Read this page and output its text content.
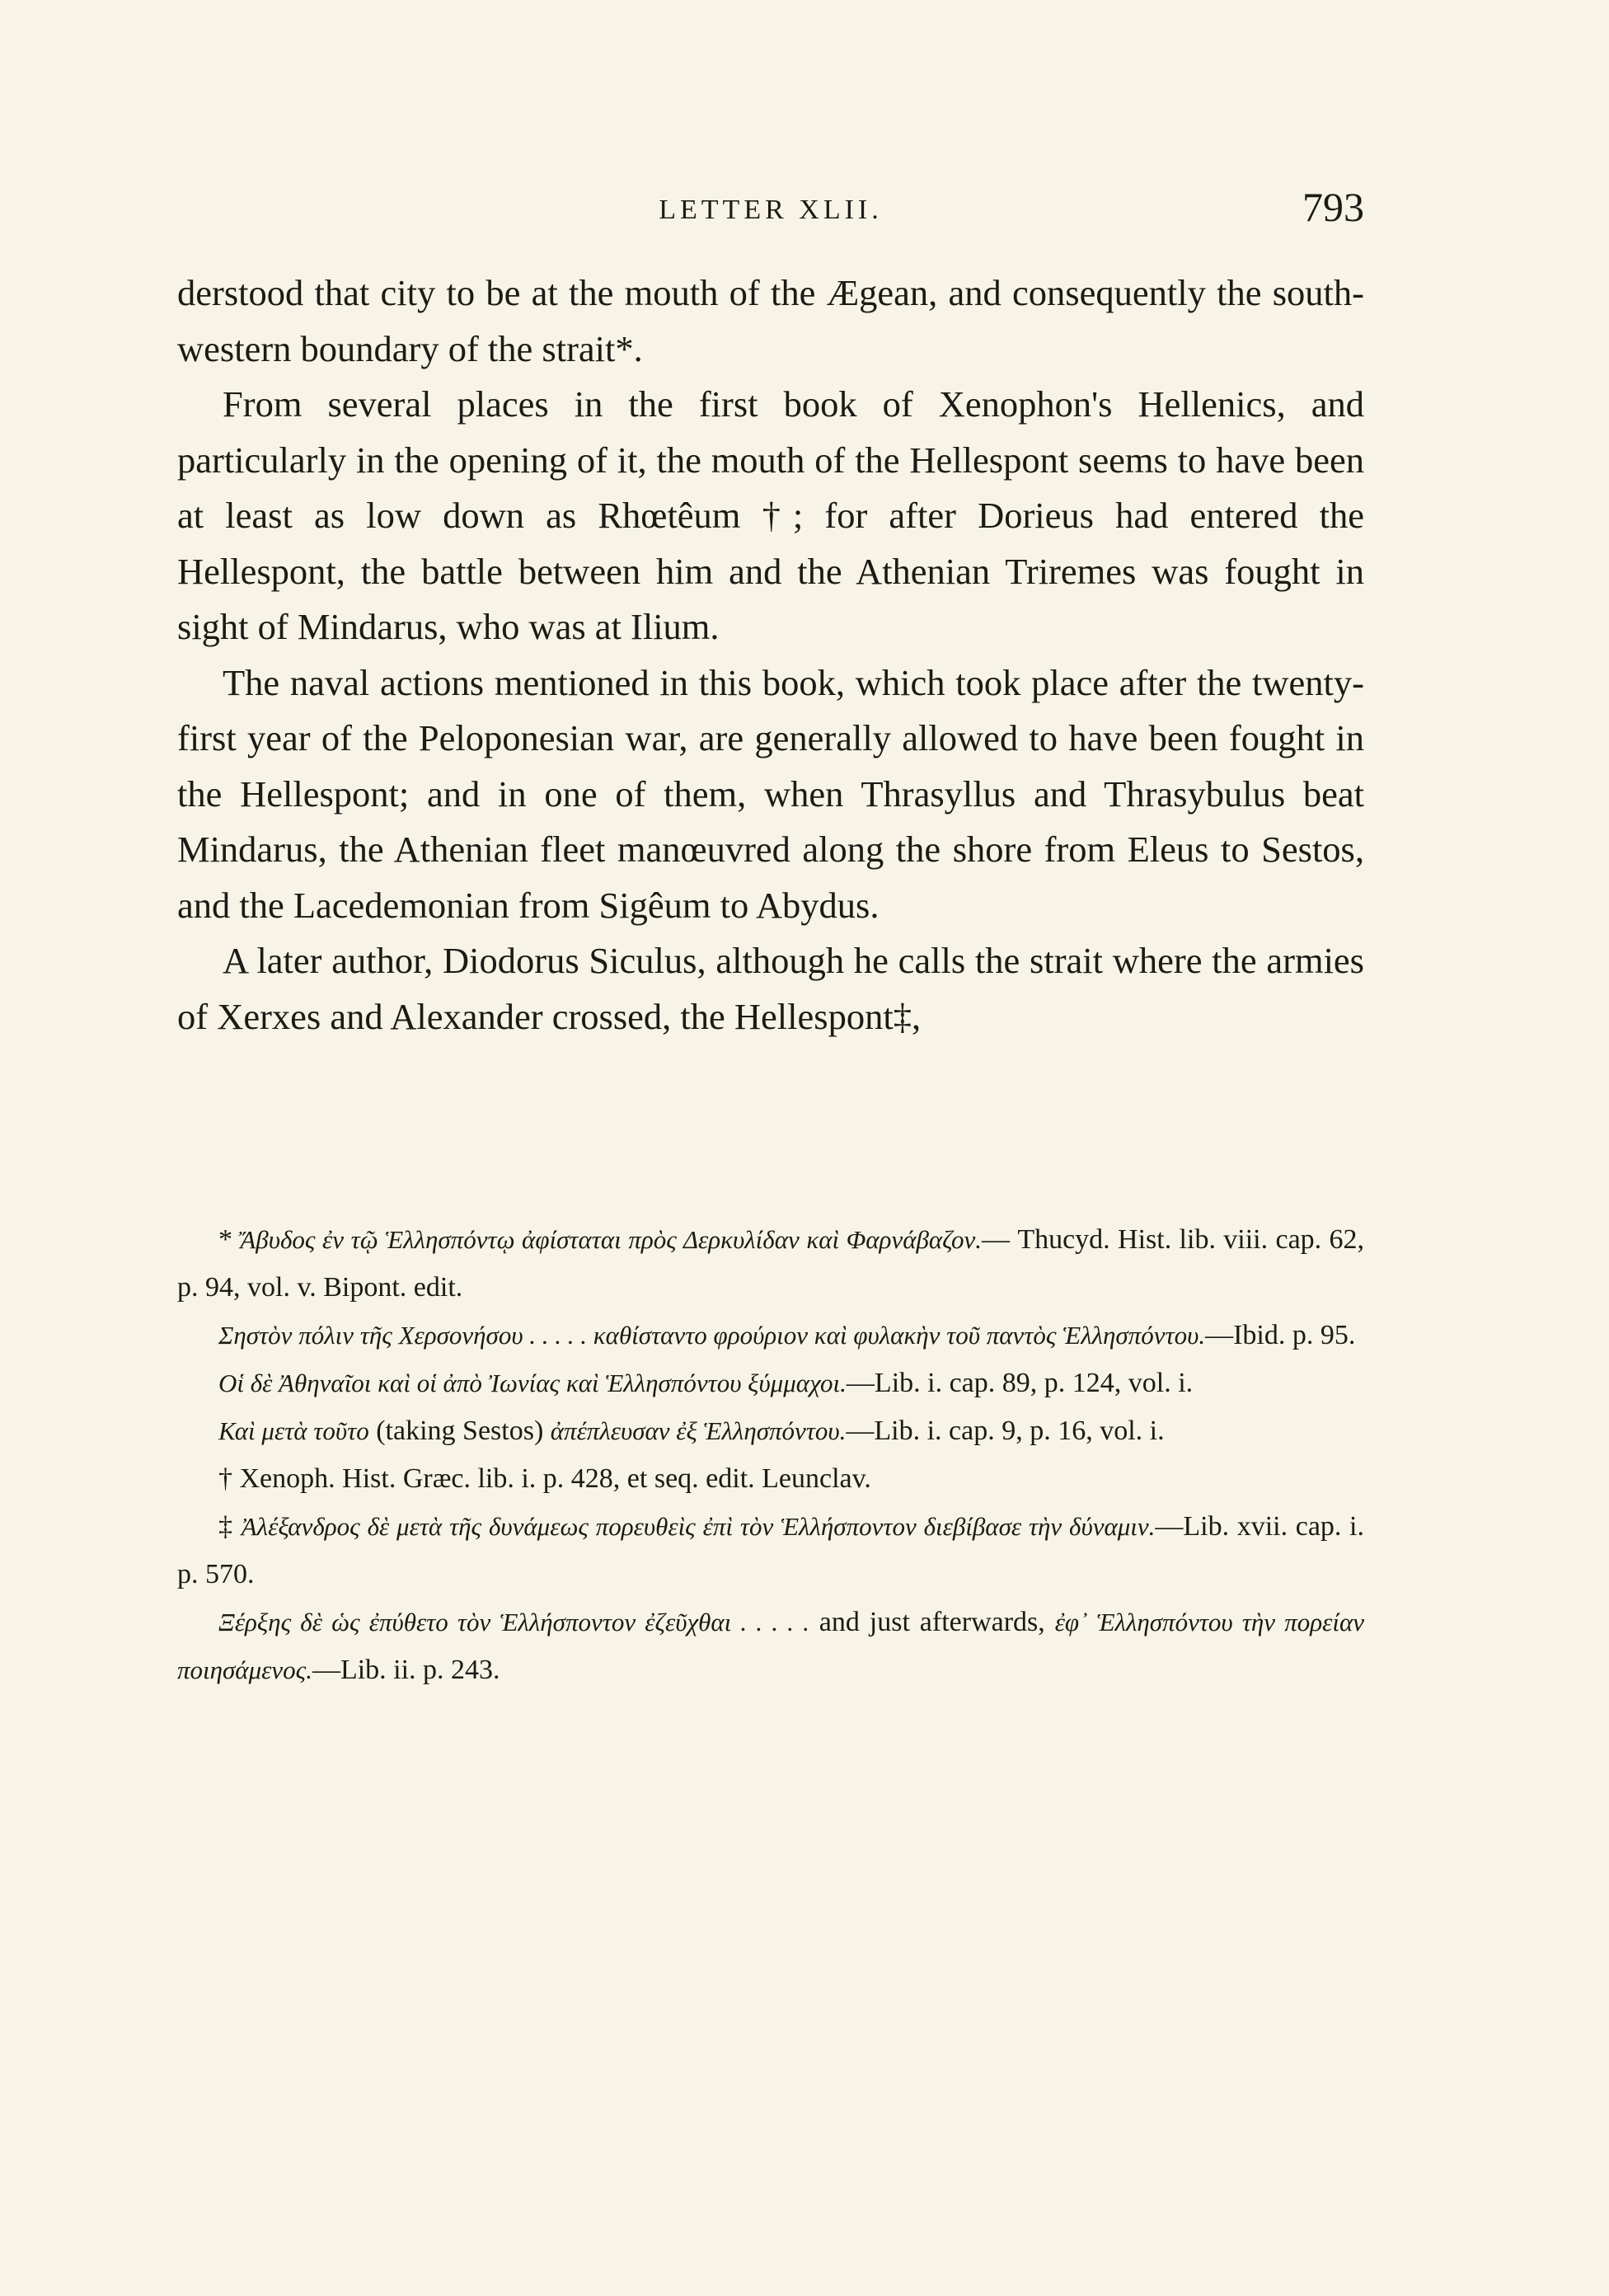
LETTER XLII.	793

derstood that city to be at the mouth of the Ægean, and consequently the south-western boundary of the strait*.

From several places in the first book of Xenophon's Hellenics, and particularly in the opening of it, the mouth of the Hellespont seems to have been at least as low down as Rhœtêum †; for after Dorieus had entered the Hellespont, the battle between him and the Athenian Triremes was fought in sight of Mindarus, who was at Ilium.

The naval actions mentioned in this book, which took place after the twenty-first year of the Peloponesian war, are generally allowed to have been fought in the Hellespont; and in one of them, when Thrasyllus and Thrasybulus beat Mindarus, the Athenian fleet manœuvred along the shore from Eleus to Sestos, and the Lacedemonian from Sigêum to Abydus.

A later author, Diodorus Siculus, although he calls the strait where the armies of Xerxes and Alexander crossed, the Hellespont‡,

* Ἄβυδος ἐν τῷ Ἑλλησπόντῳ ἀφίσταται πρὸς Δερκυλίδαν καὶ Φαρνάβαζον.— Thucyd. Hist. lib. viii. cap. 62, p. 94, vol. v. Bipont. edit.

Σηστὸν πόλιν τῆς Χερσονήσου . . . . . καθίσταντο φρούριον καὶ φυλακὴν τοῦ παντὸς Ἑλλησπόντου.—Ibid. p. 95.

Οἱ δὲ Ἀθηναῖοι καὶ οἱ ἀπὸ Ἰωνίας καὶ Ἑλλησπόντου ξύμμαχοι.—Lib. i. cap. 89, p. 124, vol. i.

Καὶ μετὰ τοῦτο (taking Sestos) ἀπέπλευσαν ἐξ Ἑλλησπόντου.—Lib. i. cap. 9, p. 16, vol. i.

† Xenoph. Hist. Græc. lib. i. p. 428, et seq. edit. Leunclav.

‡ Ἀλέξανδρος δὲ μετὰ τῆς δυνάμεως πορευθεὶς ἐπὶ τὸν Ἑλλήσποντον διεβίβασε τὴν δύναμιν.—Lib. xvii. cap. i. p. 570.

Ξέρξης δὲ ὡς ἐπύθετο τὸν Ἑλλήσποντον ἐζεῦχθαι . . . . . and just afterwards, ἐφ᾽ Ἑλλησπόντου τὴν πορείαν ποιησάμενος.—Lib. ii. p. 243.
